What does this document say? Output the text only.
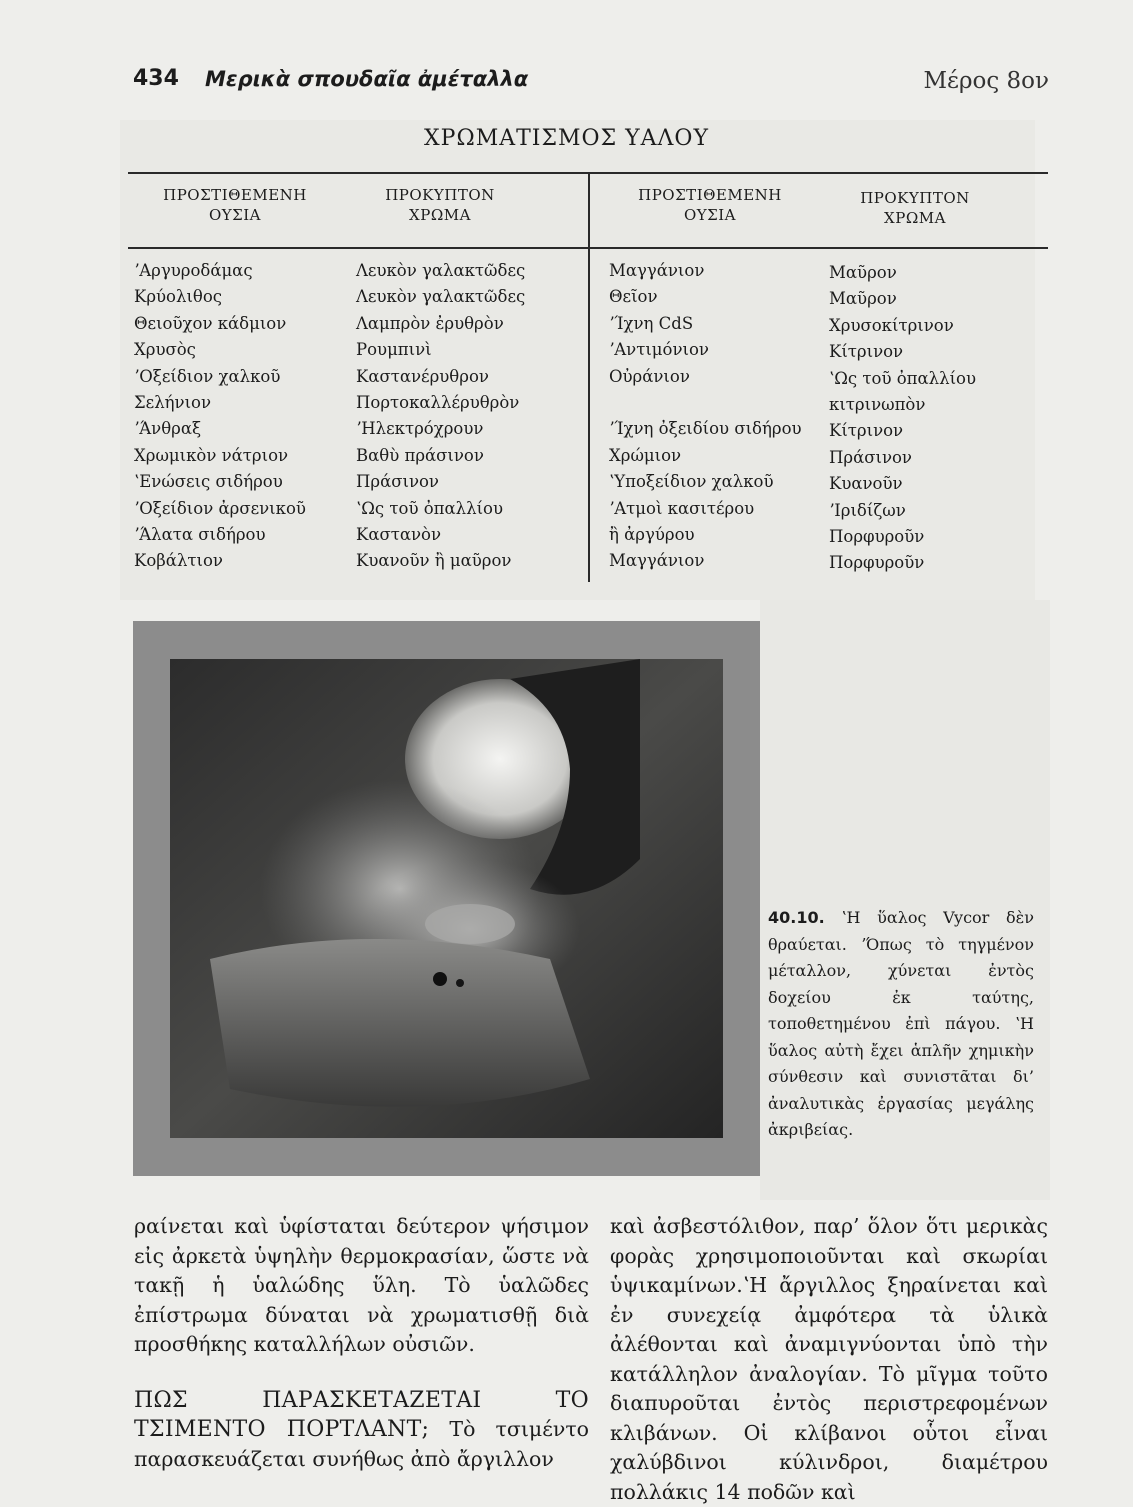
434 Μερικὰ σπουδαῖα ἀμέταλλα	Μέρος 8ον
ΧΡΩΜΑΤΙΣΜΟΣ ΥΑΛΟΥ
ΠΡΟΣΤΙΘΕΜΕΝΗ
ΟΥΣΙΑ
ΠΡΟΚΥΠΤΟΝ
ΧΡΩΜΑ
ΠΡΟΣΤΙΘΕΜΕΝΗ
ΟΥΣΙΑ
ΠΡΟΚΥΠΤΟΝ
ΧΡΩΜΑ
ʼΑργυροδάμας
Κρύολιθος
Θειοῦχον κάδμιον
Χρυσὸς
ʼΟξείδιον χαλκοῦ
Σελήνιον
ʼΆνθραξ
Χρωμικὸν νάτριον
ʽΕνώσεις σιδήρου
ʼΟξείδιον ἀρσενικοῦ
ʼΆλατα σιδήρου
Κοβάλτιον
Λευκὸν γαλακτῶδες
Λευκὸν γαλακτῶδες
Λαμπρὸν ἐρυθρὸν
Ρουμπινὶ
Καστανέρυθρον
Πορτοκαλλέρυθρὸν
ʼΗλεκτρόχρουν
Βαθὺ πράσινον
Πράσινον
ʽΩς τοῦ ὀπαλλίου
Καστανὸν
Κυανοῦν ἢ μαῦρον
Μαγγάνιον
Θεῖον
ʼΊχνη CdS
ʼΑντιμόνιον
Οὐράνιον
ʼΊχνη ὀξειδίου σιδήρου
Χρώμιον
ʽΥποξείδιον χαλκοῦ
ʼΑτμοὶ κασιτέρου
ἢ ἀργύρου
Μαγγάνιον
Μαῦρον
Μαῦρον
Χρυσοκίτρινον
Κίτρινον
ʽΩς τοῦ ὀπαλλίου
κιτρινωπὸν
Κίτρινον
Πράσινον
Κυανοῦν
ʼΙριδίζων
Πορφυροῦν
Πορφυροῦν
40.10. ʽΗ ὕαλος Vycor δὲν θραύεται. ʼΌπως τὸ τηγμένον μέταλλον, χύνεται ἐντὸς δοχείου ἐκ ταύτης, τοποθετημένου ἐπὶ πάγου. ʽΗ ὕαλος αὐτὴ ἔχει ἁπλῆν χημικὴν σύνθεσιν καὶ συνιστᾶται δι’ ἀναλυτικὰς ἐργασίας μεγάλης ἀκριβείας.
ραίνεται καὶ ὑφίσταται δεύτερον ψήσιμον εἰς ἀρκετὰ ὑψηλὴν θερμοκρασίαν, ὥστε νὰ τακῇ ἡ ὑαλώδης ὕλη. Τὸ ὑαλῶδες ἐπίστρωμα δύναται νὰ χρωματισθῇ διὰ προσθήκης καταλλήλων οὐσιῶν.
ΠΩΣ ΠΑΡΑΣΚΕΤΑΖΕΤΑΙ ΤΟ ΤΣΙΜΕΝΤΟ ΠΟΡΤΛΑΝΤ; Τὸ τσιμέντο παρασκευάζεται συνήθως ἀπὸ ἄργιλλον
καὶ ἀσβεστόλιθον, παρ’ ὅλον ὅτι μερικὰς φορὰς χρησιμοποιοῦνται καὶ σκωρίαι ὑψικαμίνων.ʽΗ ἄργιλλος ξηραίνεται καὶ ἐν συνεχείᾳ ἀμφότερα τὰ ὑλικὰ ἀλέθονται καὶ ἀναμιγνύονται ὑπὸ τὴν κατάλληλον ἀναλογίαν. Τὸ μῖγμα τοῦτο διαπυροῦται ἐντὸς περιστρεφομένων κλιβάνων. Οἱ κλίβανοι οὗτοι εἶναι χαλύβδινοι κύλινδροι, διαμέτρου πολλάκις 14 ποδῶν καὶ
